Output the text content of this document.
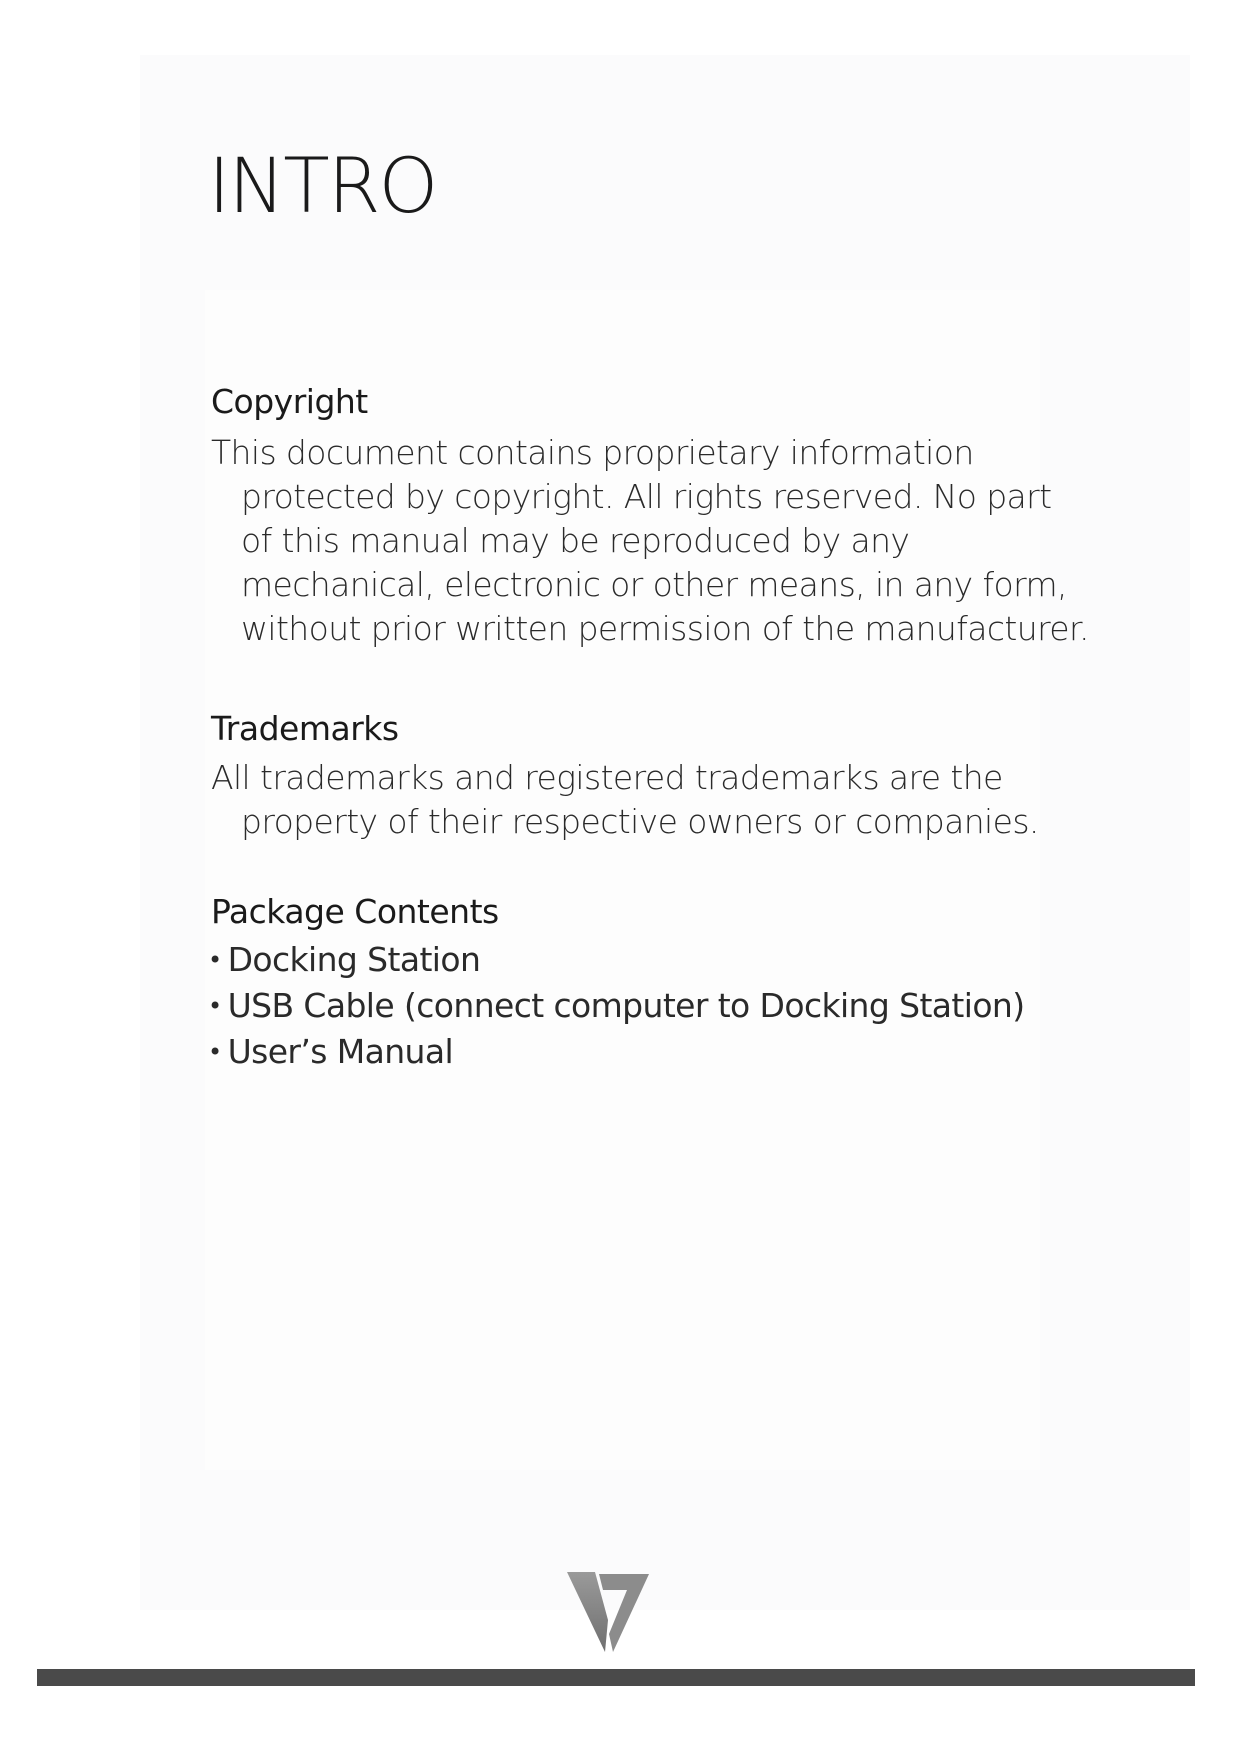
INTRO
Copyright

This document contains proprietary information protected by copyright. All rights reserved. No part of this manual may be reproduced by any mechanical, electronic or other means, in any form, without prior written permission of the manufacturer.

Trademarks

All trademarks and registered trademarks are the property of their respective owners or companies.

Package Contents
• Docking Station
• USB Cable (connect computer to Docking Station)
• User’s Manual
